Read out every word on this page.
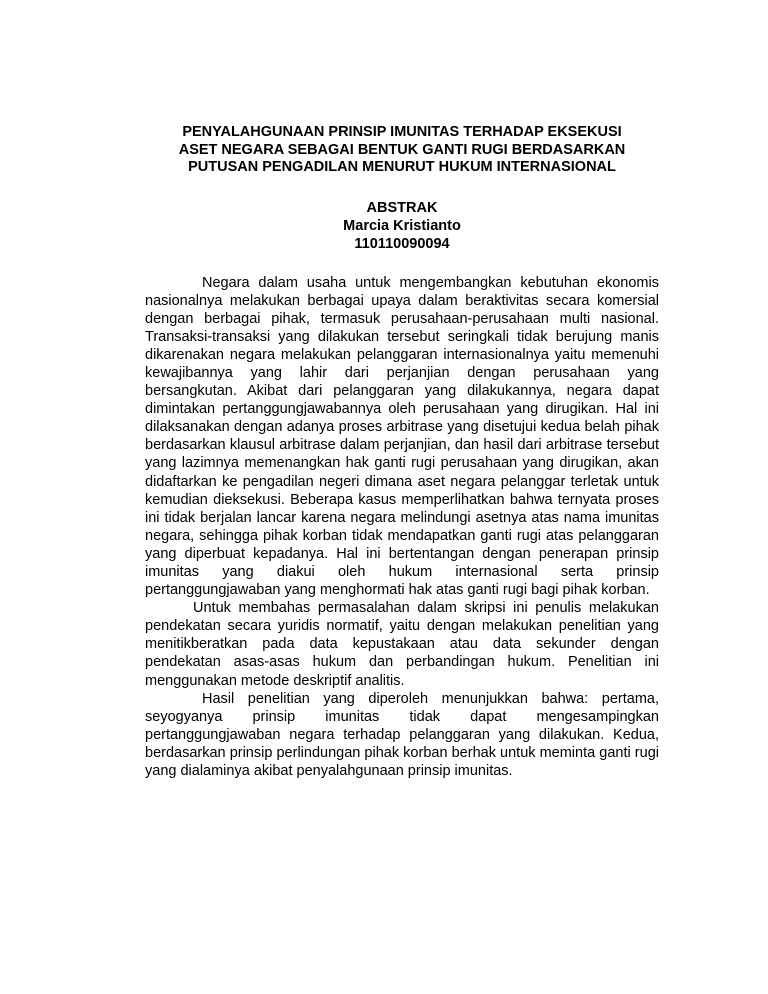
PENYALAHGUNAAN PRINSIP IMUNITAS TERHADAP EKSEKUSI
ASET NEGARA SEBAGAI BENTUK GANTI RUGI BERDASARKAN
PUTUSAN PENGADILAN MENURUT HUKUM INTERNASIONAL
ABSTRAK
Marcia Kristianto
110110090094

Negara dalam usaha untuk mengembangkan kebutuhan ekonomis nasionalnya melakukan berbagai upaya dalam beraktivitas secara komersial dengan berbagai pihak, termasuk perusahaan-perusahaan multi nasional. Transaksi-transaksi yang dilakukan tersebut seringkali tidak berujung manis dikarenakan negara melakukan pelanggaran internasionalnya yaitu memenuhi kewajibannya yang lahir dari perjanjian dengan perusahaan yang bersangkutan. Akibat dari pelanggaran yang dilakukannya, negara dapat dimintakan pertanggungjawabannya oleh perusahaan yang dirugikan. Hal ini dilaksanakan dengan adanya proses arbitrase yang disetujui kedua belah pihak berdasarkan klausul arbitrase dalam perjanjian, dan hasil dari arbitrase tersebut yang lazimnya memenangkan hak ganti rugi perusahaan yang dirugikan, akan didaftarkan ke pengadilan negeri dimana aset negara pelanggar terletak untuk kemudian dieksekusi. Beberapa kasus memperlihatkan bahwa ternyata proses ini tidak berjalan lancar karena negara melindungi asetnya atas nama imunitas negara, sehingga pihak korban tidak mendapatkan ganti rugi atas pelanggaran yang diperbuat kepadanya. Hal ini bertentangan dengan penerapan prinsip imunitas yang diakui oleh hukum internasional serta prinsip pertanggungjawaban yang menghormati hak atas ganti rugi bagi pihak korban.

Untuk membahas permasalahan dalam skripsi ini penulis melakukan pendekatan secara yuridis normatif, yaitu dengan melakukan penelitian yang menitikberatkan pada data kepustakaan atau data sekunder dengan pendekatan asas-asas hukum dan perbandingan hukum. Penelitian ini menggunakan metode deskriptif analitis.

Hasil penelitian yang diperoleh menunjukkan bahwa: pertama, seyogyanya prinsip imunitas tidak dapat mengesampingkan pertanggungjawaban negara terhadap pelanggaran yang dilakukan. Kedua, berdasarkan prinsip perlindungan pihak korban berhak untuk meminta ganti rugi yang dialaminya akibat penyalahgunaan prinsip imunitas.
